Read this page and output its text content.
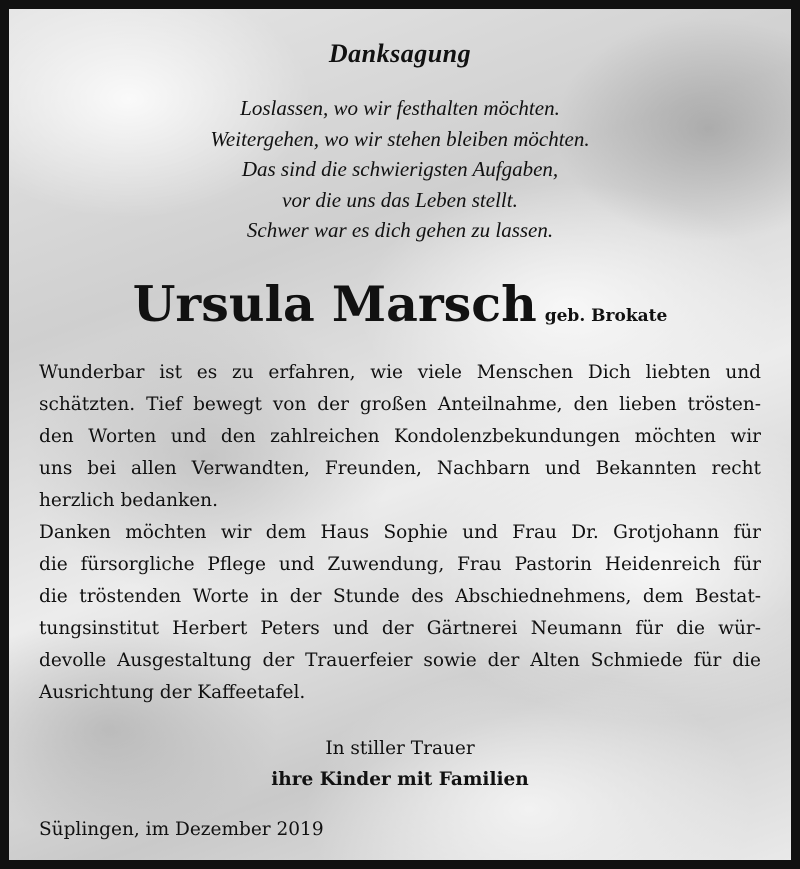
Danksagung
Loslassen, wo wir festhalten möchten.
Weitergehen, wo wir stehen bleiben möchten.
Das sind die schwierigsten Aufgaben,
vor die uns das Leben stellt.
Schwer war es dich gehen zu lassen.
Ursula Marsch geb. Brokate
Wunderbar ist es zu erfahren, wie viele Menschen Dich liebten und
schätzten. Tief bewegt von der großen Anteilnahme, den lieben trösten-
den Worten und den zahlreichen Kondolenzbekundungen möchten wir
uns bei allen Verwandten, Freunden, Nachbarn und Bekannten recht
herzlich bedanken.
Danken möchten wir dem Haus Sophie und Frau Dr. Grotjohann für
die fürsorgliche Pflege und Zuwendung, Frau Pastorin Heidenreich für
die tröstenden Worte in der Stunde des Abschiednehmens, dem Bestat-
tungsinstitut Herbert Peters und der Gärtnerei Neumann für die wür-
devolle Ausgestaltung der Trauerfeier sowie der Alten Schmiede für die
Ausrichtung der Kaffeetafel.
In stiller Trauer
ihre Kinder mit Familien
Süplingen, im Dezember 2019
